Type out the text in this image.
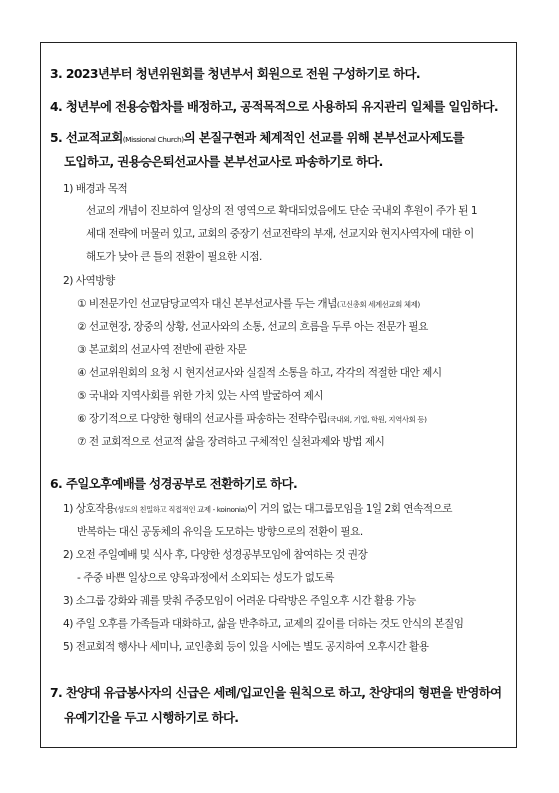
3. 2023년부터 청년위원회를 청년부서 회원으로 전원 구성하기로 하다.
4. 청년부에 전용승합차를 배정하고, 공적목적으로 사용하되 유지관리 일체를 일임하다.
5. 선교적교회(Missional Church)의 본질구현과 체계적인 선교를 위해 본부선교사제도를
도입하고, 권용승은퇴선교사를 본부선교사로 파송하기로 하다.
1) 배경과 목적
선교의 개념이 진보하여 일상의 전 영역으로 확대되었음에도 단순 국내외 후원이 주가 된 1
세대 전략에 머물러 있고, 교회의 중장기 선교전략의 부재, 선교지와 현지사역자에 대한 이
해도가 낮아 큰 틀의 전환이 필요한 시점.
2) 사역방향
① 비전문가인 선교담당교역자 대신 본부선교사를 두는 개념(고신총회 세계선교회 체제)
② 선교현장, 장중의 상황, 선교사와의 소통, 선교의 흐름을 두루 아는 전문가 필요
③ 본교회의 선교사역 전반에 관한 자문
④ 선교위원회의 요청 시 현지선교사와 실질적 소통을 하고, 각각의 적절한 대안 제시
⑤ 국내와 지역사회를 위한 가치 있는 사역 발굴하여 제시
⑥ 장기적으로 다양한 형태의 선교사를 파송하는 전략수립(국내외, 기업, 학원, 지역사회 등)
⑦ 전 교회적으로 선교적 삶을 장려하고 구체적인 실천과제와 방법 제시
6. 주일오후예배를 성경공부로 전환하기로 하다.
1) 상호작용(성도의 친밀하고 직접적인 교제 - koinonia)이 거의 없는 대그룹모임을 1일 2회 연속적으로
반복하는 대신 공동체의 유익을 도모하는 방향으로의 전환이 필요.
2) 오전 주일예배 및 식사 후, 다양한 성경공부모임에 참여하는 것 권장
- 주중 바쁜 일상으로 양육과정에서 소외되는 성도가 없도록
3) 소그룹 강화와 궤를 맞춰 주중모임이 어려운 다락방은 주일오후 시간 활용 가능
4) 주일 오후를 가족들과 대화하고, 삶을 반추하고, 교제의 깊이를 더하는 것도 안식의 본질임
5) 전교회적 행사나 세미나, 교인총회 등이 있을 시에는 별도 공지하여 오후시간 활용
7. 찬양대 유급봉사자의 신급은 세례/입교인을 원칙으로 하고, 찬양대의 형편을 반영하여
유예기간을 두고 시행하기로 하다.
